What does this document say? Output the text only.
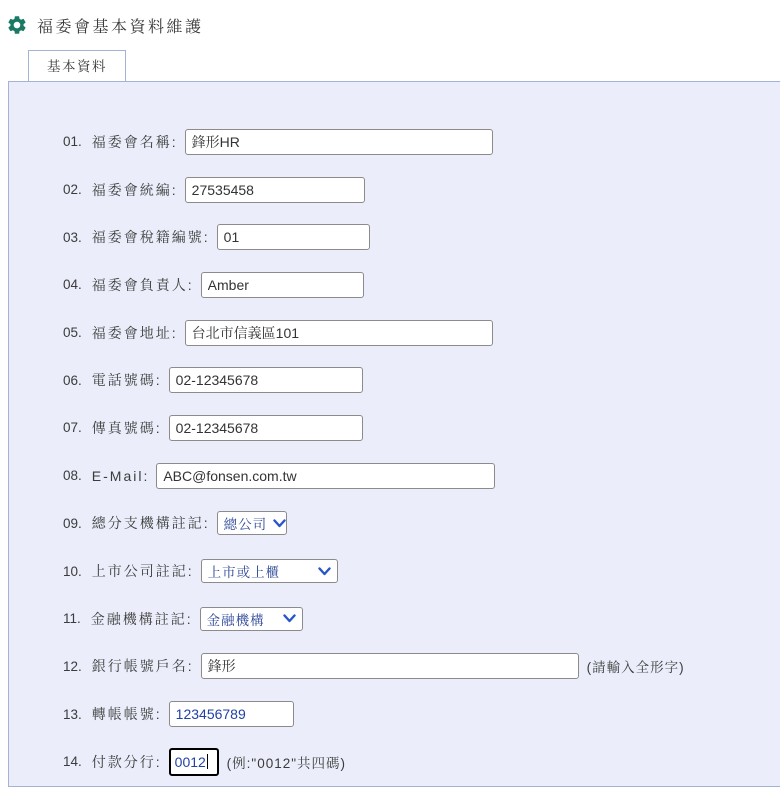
福委會基本資料維護
基本資料
01. 福委會名稱:
鋒形HR
02. 福委會統編:
27535458
03. 福委會稅籍編號:
01
04. 福委會負責人:
Amber
05. 福委會地址:
台北市信義區101
06. 電話號碼:
02-12345678
07. 傳真號碼:
02-12345678
08. E-Mail:
ABC@fonsen.com.tw
09. 總分支機構註記: 總公司
10. 上市公司註記: 上市或上櫃
11. 金融機構註記: 金融機構
12. 銀行帳號戶名:
鋒形	(請輸入全形字)
13. 轉帳帳號:
123456789
14. 付款分行: 0012 (例:"0012"共四碼)
